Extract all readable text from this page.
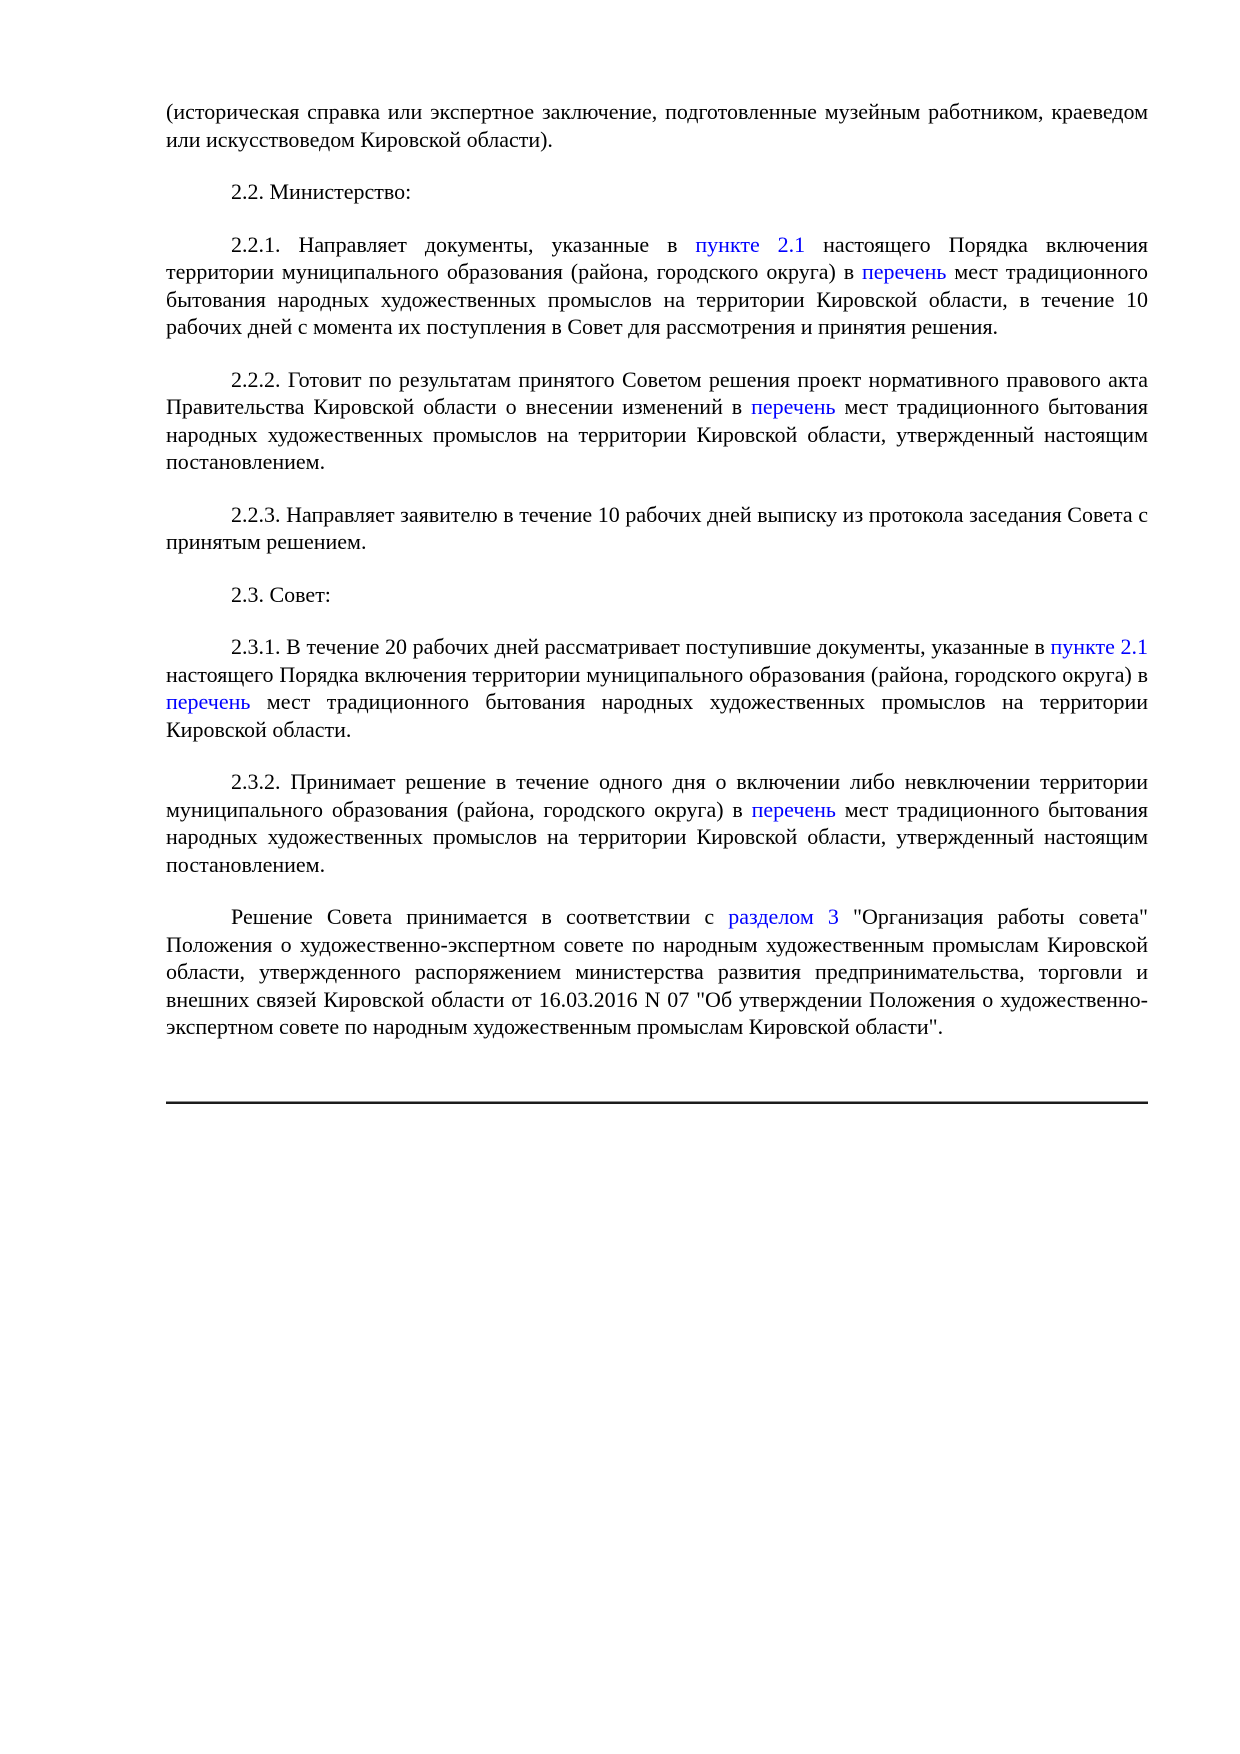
(историческая справка или экспертное заключение, подготовленные музейным работником, краеведом или искусствоведом Кировской области).

2.2. Министерство:

2.2.1. Направляет документы, указанные в пункте 2.1 настоящего Порядка включения территории муниципального образования (района, городского округа) в перечень мест традиционного бытования народных художественных промыслов на территории Кировской области, в течение 10 рабочих дней с момента их поступления в Совет для рассмотрения и принятия решения.

2.2.2. Готовит по результатам принятого Советом решения проект нормативного правового акта Правительства Кировской области о внесении изменений в перечень мест традиционного бытования народных художественных промыслов на территории Кировской области, утвержденный настоящим постановлением.

2.2.3. Направляет заявителю в течение 10 рабочих дней выписку из протокола заседания Совета с принятым решением.

2.3. Совет:

2.3.1. В течение 20 рабочих дней рассматривает поступившие документы, указанные в пункте 2.1 настоящего Порядка включения территории муниципального образования (района, городского округа) в перечень мест традиционного бытования народных художественных промыслов на территории Кировской области.

2.3.2. Принимает решение в течение одного дня о включении либо невключении территории муниципального образования (района, городского округа) в перечень мест традиционного бытования народных художественных промыслов на территории Кировской области, утвержденный настоящим постановлением.

Решение Совета принимается в соответствии с разделом 3 "Организация работы совета" Положения о художественно-экспертном совете по народным художественным промыслам Кировской области, утвержденного распоряжением министерства развития предпринимательства, торговли и внешних связей Кировской области от 16.03.2016 N 07 "Об утверждении Положения о художественно-экспертном совете по народным художественным промыслам Кировской области".
